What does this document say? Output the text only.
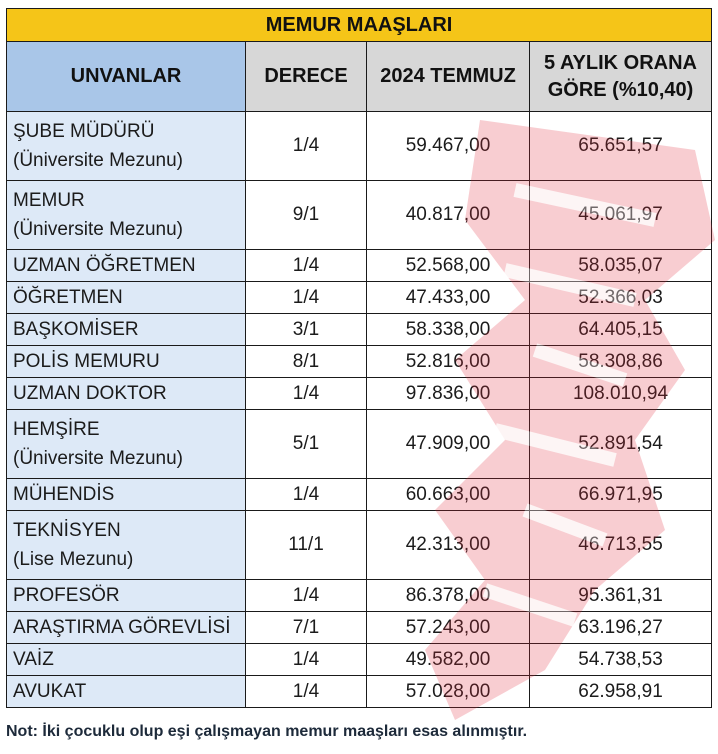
MEMUR MAAŞLARI			
UNVANLAR	DERECE	2024 TEMMUZ	5 AYLIK ORANA
GÖRE (%10,40)
ŞUBE MÜDÜRÜ
(Üniversite Mezunu)	1/4	59.467,00	65.651,57
MEMUR
(Üniversite Mezunu)	9/1	40.817,00	45.061,97
UZMAN ÖĞRETMEN	1/4	52.568,00	58.035,07
ÖĞRETMEN	1/4	47.433,00	52.366,03
BAŞKOMİSER	3/1	58.338,00	64.405,15
POLİS MEMURU	8/1	52.816,00	58.308,86
UZMAN DOKTOR	1/4	97.836,00	108.010,94
HEMŞİRE
(Üniversite Mezunu)	5/1	47.909,00	52.891,54
MÜHENDİS	1/4	60.663,00	66.971,95
TEKNİSYEN
(Lise Mezunu)	11/1	42.313,00	46.713,55
PROFESÖR	1/4	86.378,00	95.361,31
ARAŞTIRMA GÖREVLİSİ	7/1	57.243,00	63.196,27
VAİZ	1/4	49.582,00	54.738,53
AVUKAT	1/4	57.028,00	62.958,91
Not: İki çocuklu olup eşi çalışmayan memur maaşları esas alınmıştır.
